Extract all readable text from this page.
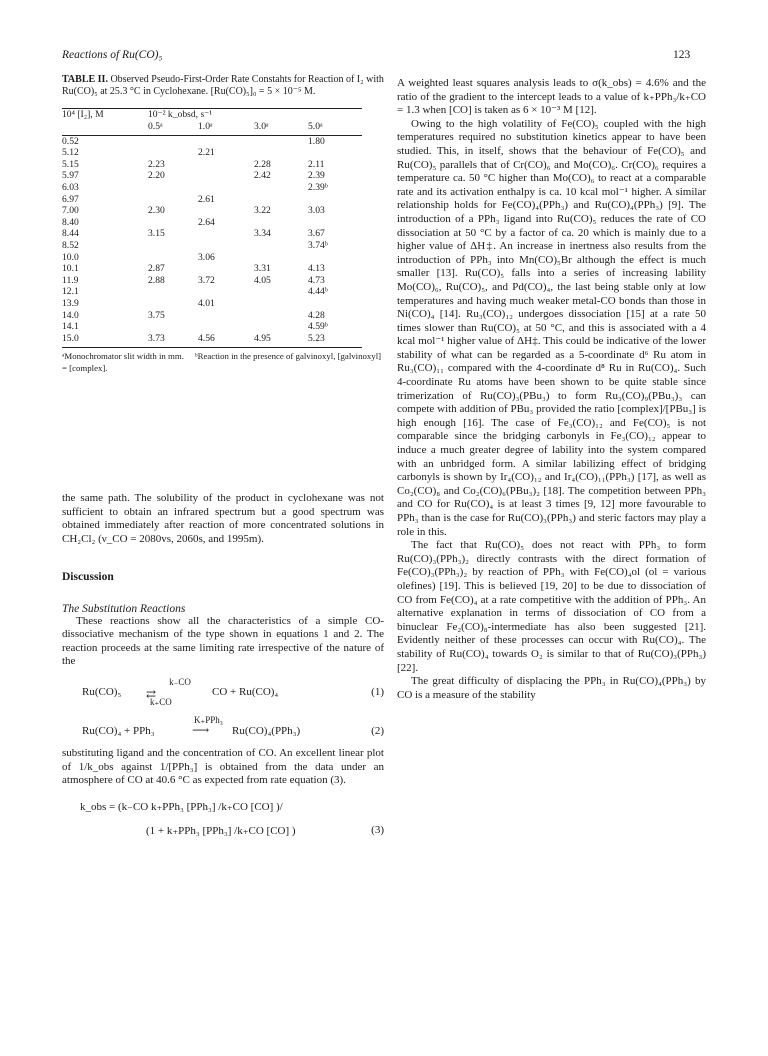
Reactions of Ru(CO)₅	123

TABLE II. Observed Pseudo-First-Order Rate Constahts for Reaction of I₂ with Ru(CO)₅ at 25.3 °C in Cyclohexane. [Ru(CO)₅]₀ = 5 × 10⁻⁵ M.

10⁴ [I₂], M	10⁻² k_obsd, s⁻¹			
	0.5ᵃ	1.0ᵃ	3.0ᵃ	5.0ᵃ
0.52				1.80
5.12		2.21		
5.15	2.23		2.28	2.11
5.97	2.20		2.42	2.39
6.03				2.39ᵇ
6.97		2.61		
7.00	2.30		3.22	3.03
8.40		2.64		
8.44	3.15		3.34	3.67
8.52				3.74ᵇ
10.0		3.06		
10.1	2.87		3.31	4.13
11.9	2.88	3.72	4.05	4.73
12.1				4.44ᵇ
13.9		4.01		
14.0	3.75			4.28
14.1				4.59ᵇ
15.0	3.73	4.56	4.95	5.23
ᵃMonochromator slit width in mm. ᵇReaction in the presence of galvinoxyl, [galvinoxyl] = [complex].

the same path. The solubility of the product in cyclohexane was not sufficient to obtain an infrared spectrum but a good spectrum was obtained immediately after reaction of more concentrated solutions in CH₂Cl₂ (ν_CO = 2080vs, 2060s, and 1995m).

Discussion

The Substitution Reactions

These reactions show all the characteristics of a simple CO-dissociative mechanism of the type shown in equations 1 and 2. The reaction proceeds at the same limiting rate irrespective of the nature of the

Ru(CO)₅
k₋CO
⇄
k₊CO
CO + Ru(CO)₄	(1)
Ru(CO)₄ + PPh₃
K₊PPh₃
⟶ Ru(CO)₄(PPh₃)	(2)

substituting ligand and the concentration of CO. An excellent linear plot of 1/k_obs against 1/[PPh₃] is obtained from the data under an atmosphere of CO at 40.6 °C as expected from rate equation (3).

k_obs = (k₋CO k₊PPh₃ [PPh₃] /k₊CO [CO] )/
(1 + k₊PPh₃ [PPh₃] /k₊CO [CO] )	(3)

A weighted least squares analysis leads to σ(k_obs) = 4.6% and the ratio of the gradient to the intercept leads to a value of k₊PPh₃/k₊CO = 1.3 when [CO] is taken as 6 × 10⁻³ M [12].

Owing to the high volatility of Fe(CO)₅ coupled with the high temperatures required no substitution kinetics appear to have been studied. This, in itself, shows that the behaviour of Fe(CO)₅ and Ru(CO)₅ parallels that of Cr(CO)₆ and Mo(CO)₆. Cr(CO)₆ requires a temperature ca. 50 °C higher than Mo(CO)₆ to react at a comparable rate and its activation enthalpy is ca. 10 kcal mol⁻¹ higher. A similar relationship holds for Fe(CO)₄(PPh₃) and Ru(CO)₄(PPh₃) [9]. The introduction of a PPh₃ ligand into Ru(CO)₅ reduces the rate of CO dissociation at 50 °C by a factor of ca. 20 which is mainly due to a higher value of ΔH‡. An increase in inertness also results from the introduction of PPh₃ into Mn(CO)₅Br although the effect is much smaller [13]. Ru(CO)₅ falls into a series of increasing lability Mo(CO)₆, Ru(CO)₅, and Pd(CO)₄, the last being stable only at low temperatures and having much weaker metal-CO bonds than those in Ni(CO)₄ [14]. Ru₃(CO)₁₂ undergoes dissociation [15] at a rate 50 times slower than Ru(CO)₅ at 50 °C, and this is associated with a 4 kcal mol⁻¹ higher value of ΔH‡. This could be indicative of the lower stability of what can be regarded as a 5-coordinate d⁶ Ru atom in Ru₃(CO)₁₁ compared with the 4-coordinate d⁸ Ru in Ru(CO)₄. Such 4-coordinate Ru atoms have been shown to be quite stable since trimerization of Ru(CO)₃(PBu₃) to form Ru₃(CO)₉(PBu₃)₃ can compete with addition of PBu₃ provided the ratio [complex]/[PBu₃] is high enough [16]. The case of Fe₃(CO)₁₂ and Fe(CO)₅ is not comparable since the bridging carbonyls in Fe₃(CO)₁₂ appear to induce a much greater degree of lability into the system compared with an unbridged form. A similar labilizing effect of bridging carbonyls is shown by Ir₄(CO)₁₂ and Ir₄(CO)₁₁(PPh₃) [17], as well as Co₂(CO)₈ and Co₂(CO)₆(PBu₃)₂ [18]. The competition between PPh₃ and CO for Ru(CO)₄ is at least 3 times [9, 12] more favourable to PPh₃ than is the case for Ru(CO)₃(PPh₃) and steric factors may play a role in this.

The fact that Ru(CO)₅ does not react with PPh₃ to form Ru(CO)₃(PPh₃)₂ directly contrasts with the direct formation of Fe(CO)₃(PPh₃)₂ by reaction of PPh₃ with Fe(CO)₄ol (ol = various olefines) [19]. This is believed [19, 20] to be due to dissociation of CO from Fe(CO)₄ at a rate competitive with the addition of PPh₃. An alternative explanation in terms of dissociation of CO from a binuclear Fe₂(CO)₈-intermediate has also been suggested [21]. Evidently neither of these processes can occur with Ru(CO)₄. The stability of Ru(CO)₄ towards O₂ is similar to that of Ru(CO)₃(PPh₃) [22].

The great difficulty of displacing the PPh₃ in Ru(CO)₄(PPh₃) by CO is a measure of the stability
